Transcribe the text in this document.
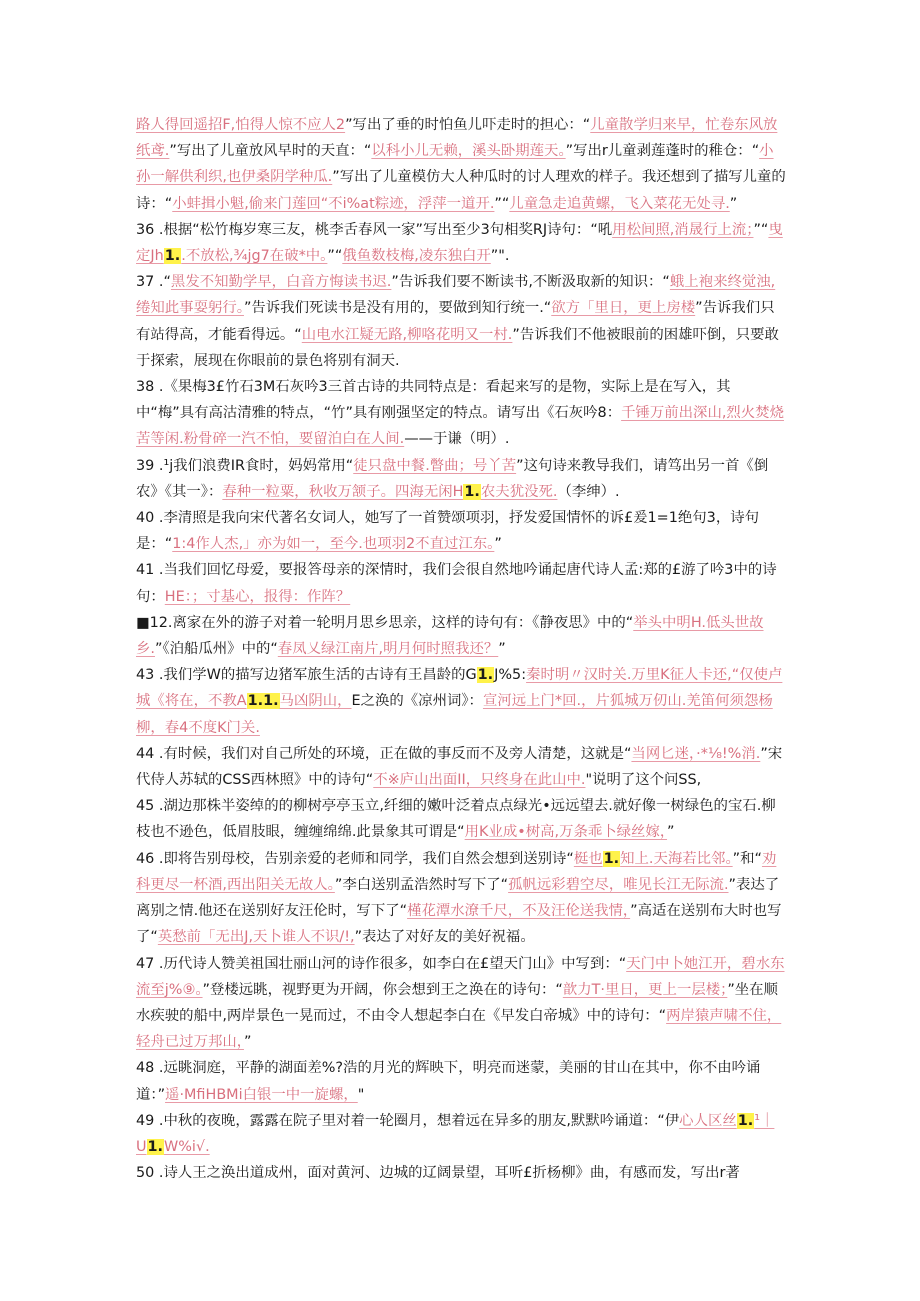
路人得回遥招F,怕得人惊不应人2”写出了垂的时怕鱼儿吓走时的担心：“儿童散学归来早，忙卷东风放纸鸢.”写出了儿童放风早时的天直：“以科小儿无赖，溪头卧期莲天。”写出r儿童剥莲蓬时的稚仓：“小孙一解供利织,也伊桑阴学种瓜.”写出了儿童模仿大人种瓜时的讨人理欢的样子。我还想到了描写儿童的诗：“小蚌揖小魁,偷来门莲回“不i%at粽迹，浮萍一道开.”“儿童急走追黄螺，飞入菜花无处寻.”

36 .根据“松竹梅岁寒三友，桃李舌春风一家”写出至少3句相奖RJ诗句：“吼用松间照,消晟行上流；”“曳定Jh1..不放松,¾jg7在破*中。”“俄鱼数枝梅,凌东独白开”".

37 .“黑发不知勤学早，白音方悔读书迟.”告诉我们要不断读书,不断汲取新的知识：“蛾上袍来终觉浊,绻知此事耍躬行。”告诉我们死读书是没有用的，要做到知行统一.“欲方「里日，更上房楼”告诉我们只有站得高，才能看得远。“山电水江疑无路,柳咯花明又一村.”告诉我们不他被眼前的困雄吓倒，只要敢于探索，展现在你眼前的景色将别有洞天.

38 .《果梅3£竹石3M石灰吟3三首古诗的共同特点是：看起来写的是物，实际上是在写入，其中“梅”具有高沽清雅的特点，“竹”具有刚强坚定的特点。请写出《石灰吟8：千锤万前出深山,烈火焚烧苦等闲.粉骨碎一汽不怕，要留泊白在人间.——于谦（明）.

39 .¹j我们浪费IR食时，妈妈常用“徒只盘中餐.瞥曲；号丫苦”这句诗来教导我们，请笃出另一首《倒农》《其一》：春种一粒粟，秋收万颔子。四海无闲H1.农夫犹没死.（李绅）.

40 .李清照是我向宋代著名女词人，她写了一首赞颂项羽，抒发爱国情怀的诉£爰1=1绝句3，诗句是：“1:4作人杰,」亦为如一，至今.也项羽2不直过江东。”

41 .当我们回忆母爱，要报答母亲的深情时，我们会很自然地吟诵起唐代诗人孟:郑的£游了吟3中的诗句：HE：；寸基心，报得：作阵？

■12.离家在外的游子对着一轮明月思乡思亲，这样的诗句有：《静夜思》中的“举头中明H.低头世故乡.”《泊船瓜州》中的“春凤乂绿江南片,明月何时照我还？”

43 .我们学W的描写边猪军旅生活的古诗有王昌龄的G1.J%5:秦时明〃汉时关.万里K征人卡还,“仅使卢城《将在，不教A1.1.马凶阴山，E之涣的《凉州词》：宣河远上门*回.，片狐城万仞山.羌笛何须怨杨柳，春4不度K门关.

44 .有时候，我们对自己所处的环境，正在做的事反而不及旁人清楚，这就是“当网匕迷，·*⅛!%消.”宋代侍人苏轼的CSS西林照》中的诗句“不※庐山出面II，只终身在此山中."说明了这个问SS,

45 .湖边那株半姿绰的的柳树亭亭玉立,纤细的嫩叶泛着点点绿光•远远望去.就好像一树绿色的宝石.柳枝也不逊色，低眉肢眼，缠缠绵绵.此景象其可谓是“用K业成•树高,万条乖卜绿丝嫁，”

46 .即将告别母校，告别亲爱的老师和同学，我们自然会想到送别诗“梃也1.知上.天海若比邻。”和“劝科更尽一杯酒,西出阳关无故人。”李白送别孟浩然时写下了“孤帆远彩碧空尽，唯见长江无际流.”表达了离别之情.他还在送别好友汪伦时，写下了“槿花潭水潦千尺，不及汪伦送我情，”高适在送别布大时也写了“英愁前「无出J,天卜谁人不识/!,”表达了对好友的美好祝福。

47 .历代诗人赞美祖国壮丽山河的诗作很多，如李白在£望天门山》中写到：“天门中卜她江开，碧水东流至j%⑨。”登楼远眺，视野更为开阔，你会想到王之涣在的诗句：“歆力T·里日，更上一层楼；”坐在顺水疾驶的船中,两岸景色一晃而过，不由令人想起李白在《早发白帝城》中的诗句：“两岸猿声啸不住，轻舟已过万邦山，”

48 .远眺洞庭，平静的湖面差%?浩的月光的辉映下，明亮而迷蒙，美丽的甘山在其中，你不由吟诵道：”遥·MfiHBMi白银一中一旋螺，"

49 .中秋的夜晚，露露在院子里对着一轮圈月，想着远在异多的朋友,默默吟诵道：“伊心人区丝1.¹｜U1.W%i√.

50 .诗人王之涣出道成州，面对黄河、边城的辽阔景望，耳听£折杨柳》曲，有感而发，写出r著
